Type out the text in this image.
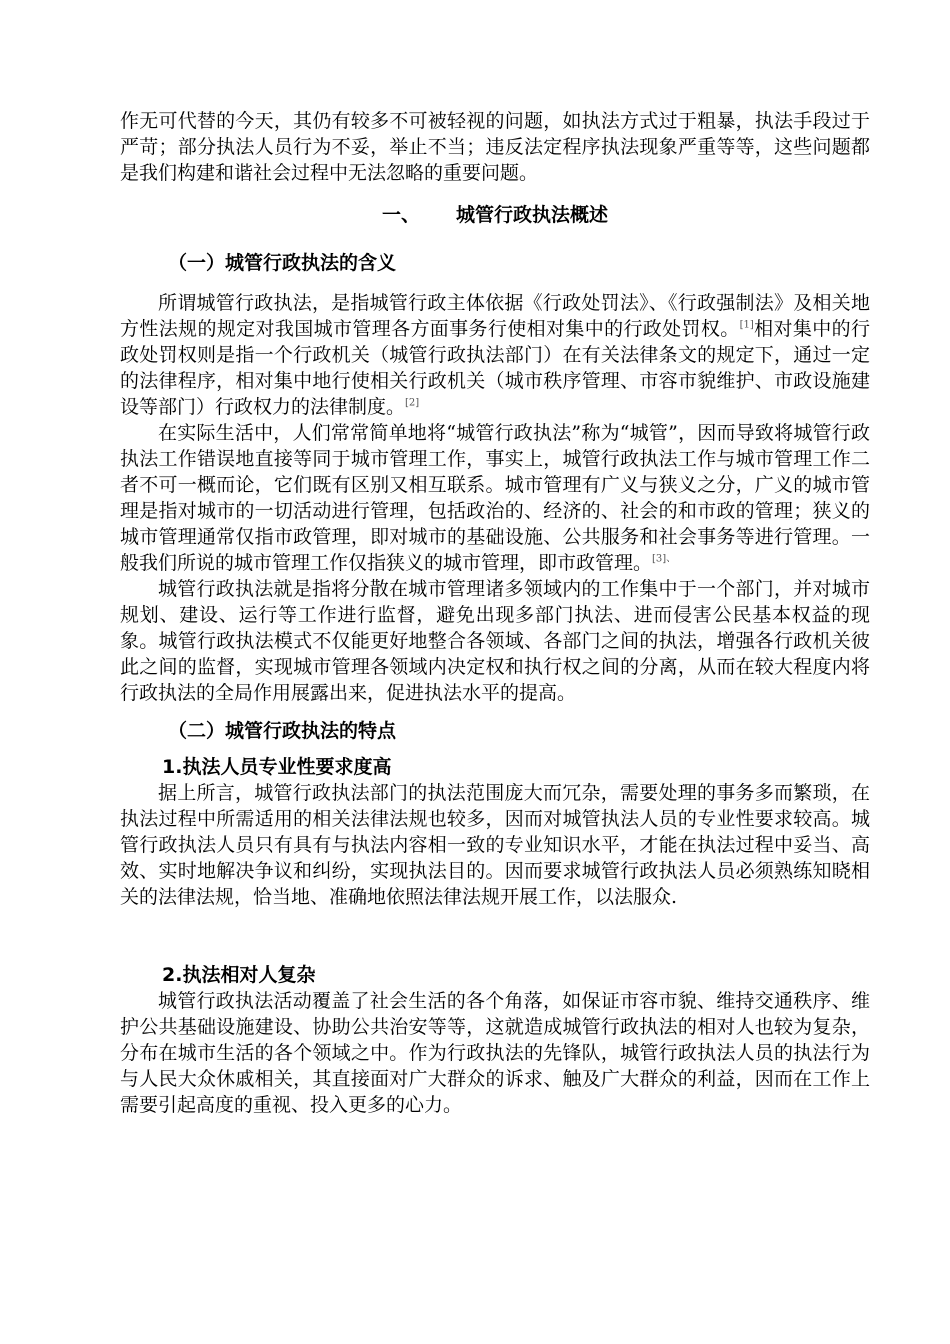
作无可代替的今天，其仍有较多不可被轻视的问题，如执法方式过于粗暴，执法手段过于严苛；部分执法人员行为不妥，举止不当；违反法定程序执法现象严重等等，这些问题都是我们构建和谐社会过程中无法忽略的重要问题。

一、 城管行政执法概述
（一）城管行政执法的含义

所谓城管行政执法，是指城管行政主体依据《行政处罚法》、《行政强制法》及相关地方性法规的规定对我国城市管理各方面事务行使相对集中的行政处罚权。[1]相对集中的行政处罚权则是指一个行政机关（城管行政执法部门）在有关法律条文的规定下，通过一定的法律程序，相对集中地行使相关行政机关（城市秩序管理、市容市貌维护、市政设施建设等部门）行政权力的法律制度。[2]

在实际生活中，人们常常简单地将“城管行政执法”称为“城管”，因而导致将城管行政执法工作错误地直接等同于城市管理工作，事实上，城管行政执法工作与城市管理工作二者不可一概而论，它们既有区别又相互联系。城市管理有广义与狭义之分，广义的城市管理是指对城市的一切活动进行管理，包括政治的、经济的、社会的和市政的管理；狭义的城市管理通常仅指市政管理，即对城市的基础设施、公共服务和社会事务等进行管理。一般我们所说的城市管理工作仅指狭义的城市管理，即市政管理。$^{[3]、}$

城管行政执法就是指将分散在城市管理诸多领域内的工作集中于一个部门，并对城市规划、建设、运行等工作进行监督，避免出现多部门执法、进而侵害公民基本权益的现象。城管行政执法模式不仅能更好地整合各领域、各部门之间的执法，增强各行政机关彼此之间的监督，实现城市管理各领域内决定权和执行权之间的分离，从而在较大程度内将行政执法的全局作用展露出来，促进执法水平的提高。

（二）城管行政执法的特点
1.执法人员专业性要求度高

据上所言，城管行政执法部门的执法范围庞大而冗杂，需要处理的事务多而繁琐，在执法过程中所需适用的相关法律法规也较多，因而对城管执法人员的专业性要求较高。城管行政执法人员只有具有与执法内容相一致的专业知识水平，才能在执法过程中妥当、高效、实时地解决争议和纠纷，实现执法目的。因而要求城管行政执法人员必须熟练知晓相关的法律法规，恰当地、准确地依照法律法规开展工作，以法服众.

2.执法相对人复杂

城管行政执法活动覆盖了社会生活的各个角落，如保证市容市貌、维持交通秩序、维护公共基础设施建设、协助公共治安等等，这就造成城管行政执法的相对人也较为复杂，分布在城市生活的各个领域之中。作为行政执法的先锋队，城管行政执法人员的执法行为与人民大众休戚相关，其直接面对广大群众的诉求、触及广大群众的利益，因而在工作上需要引起高度的重视、投入更多的心力。
